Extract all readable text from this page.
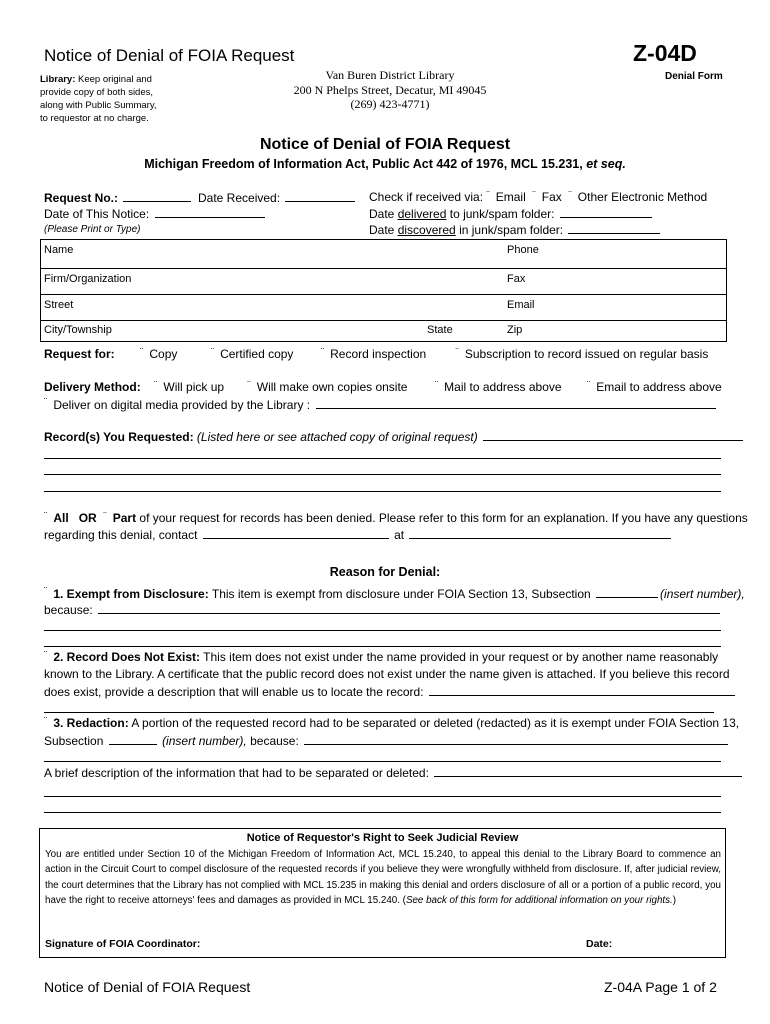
Notice of Denial of FOIA Request	Z-04D
Denial Form
Library: Keep original and
provide copy of both sides,
along with Public Summary,
to requestor at no charge.
Van Buren District Library
200 N Phelps Street, Decatur, MI 49045
(269) 423-4771)
Notice of Denial of FOIA Request
Michigan Freedom of Information Act, Public Act 442 of 1976, MCL 15.231, et seq.
Request No.:	Date Received:
Date of This Notice:
(Please Print or Type)
Check if received via: ¨ Email ¨ Fax ¨ Other Electronic Method
Date delivered to junk/spam folder:
Date discovered in junk/spam folder:
Name	Phone
Firm/Organization	Fax
Street	Email
City/Township	State	Zip
Request for:	¨ Copy	¨ Certified copy	¨ Record inspection	¨ Subscription to record issued on regular basis
Delivery Method: ¨ Will pick up ¨ Will make own copies onsite	¨ Mail to address above	¨ Email to address above
¨ Deliver on digital media provided by the Library :
Record(s) You Requested: (Listed here or see attached copy of original request)
¨ All OR ¨ Part of your request for records has been denied. Please refer to this form for an explanation. If you have any questions
regarding this denial, contact	at
Reason for Denial:
¨ 1. Exempt from Disclosure: This item is exempt from disclosure under FOIA Section 13, Subsection	(insert number),
because:
¨ 2. Record Does Not Exist: This item does not exist under the name provided in your request or by another name reasonably
known to the Library. A certificate that the public record does not exist under the name given is attached. If you believe this record
does exist, provide a description that will enable us to locate the record:
¨ 3. Redaction: A portion of the requested record had to be separated or deleted (redacted) as it is exempt under FOIA Section 13,
Subsection	(insert number), because:
A brief description of the information that had to be separated or deleted:
Notice of Requestor's Right to Seek Judicial Review
You are entitled under Section 10 of the Michigan Freedom of Information Act, MCL 15.240, to appeal this denial to the Library Board to commence an action in the Circuit Court to compel disclosure of the requested records if you believe they were wrongfully withheld from disclosure. If, after judicial review, the court determines that the Library has not complied with MCL 15.235 in making this denial and orders disclosure of all or a portion of a public record, you have the right to receive attorneys' fees and damages as provided in MCL 15.240. (See back of this form for additional information on your rights.)
Signature of FOIA Coordinator:	Date:
Notice of Denial of FOIA Request	Z-04A Page 1 of 2
